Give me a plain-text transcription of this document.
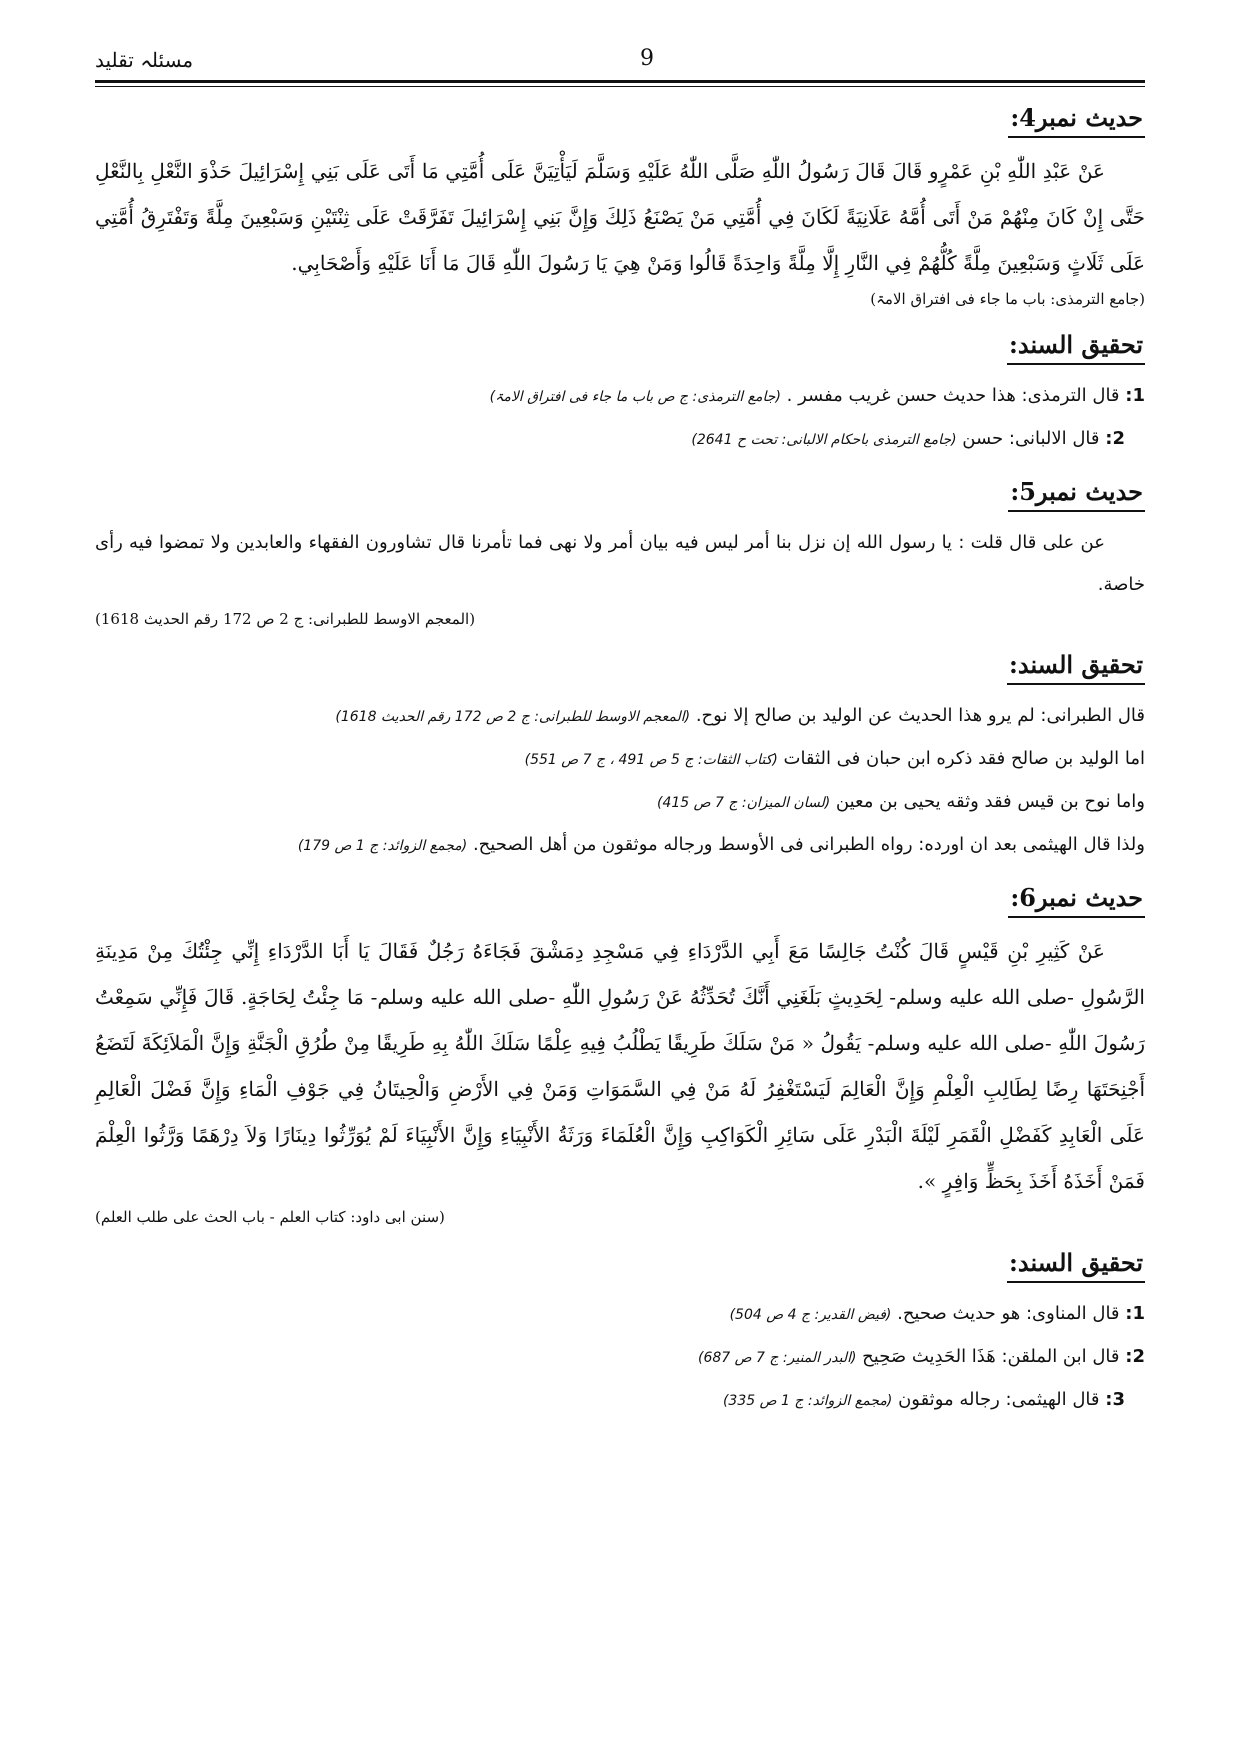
مسئلہ تقلید	9
حدیث نمبر4:

عَنْ عَبْدِ اللّٰهِ بْنِ عَمْرٍو قَالَ قَالَ رَسُولُ اللّٰهِ صَلَّى اللّٰهُ عَلَيْهِ وَسَلَّمَ لَيَأْتِيَنَّ عَلَى أُمَّتِي مَا أَتَى عَلَى بَنِي إِسْرَائِيلَ حَذْوَ النَّعْلِ بِالنَّعْلِ حَتَّى إِنْ كَانَ مِنْهُمْ مَنْ أَتَى أُمَّهُ عَلَانِيَةً لَكَانَ فِي أُمَّتِي مَنْ يَصْنَعُ ذَلِكَ وَإِنَّ بَنِي إِسْرَائِيلَ تَفَرَّقَتْ عَلَى ثِنْتَيْنِ وَسَبْعِينَ مِلَّةً وَتَفْتَرِقُ أُمَّتِي عَلَى ثَلَاثٍ وَسَبْعِينَ مِلَّةً كُلُّهُمْ فِي النَّارِ إِلَّا مِلَّةً وَاحِدَةً قَالُوا وَمَنْ هِيَ يَا رَسُولَ اللّٰهِ قَالَ مَا أَنَا عَلَيْهِ وَأَصْحَابِي.

(جامع الترمذی: باب ما جاء فی افتراق الامۃ)
تحقیق السند:

1: قال الترمذی: هذا حدیث حسن غریب مفسر . (جامع الترمذی: ج ص باب ما جاء فی افتراق الامۃ)

2: قال الالبانی: حسن (جامع الترمذی باحکام الالبانی: تحت ح 2641)

حدیث نمبر5:

عن علی قال قلت : یا رسول الله إن نزل بنا أمر لیس فیه بیان أمر ولا نهی فما تأمرنا قال تشاورون الفقهاء والعابدین ولا تمضوا فیه رأی خاصة.

(المعجم الاوسط للطبرانی: ج 2 ص 172 رقم الحدیث 1618)
تحقیق السند:

قال الطبرانی: لم یرو هذا الحدیث عن الولید بن صالح إلا نوح. (المعجم الاوسط للطبرانی: ج 2 ص 172 رقم الحدیث 1618)

اما الولید بن صالح فقد ذکره ابن حبان فی الثقات (کتاب الثقات: ج 5 ص 491 ، ج 7 ص 551)

واما نوح بن قیس فقد وثقه یحیی بن معین (لسان المیزان: ج 7 ص 415)

ولذا قال الهیثمی بعد ان اورده: رواه الطبرانی فی الأوسط ورجاله موثقون من أهل الصحیح. (مجمع الزوائد: ج 1 ص 179)

حدیث نمبر6:

عَنْ كَثِيرِ بْنِ قَيْسٍ قَالَ كُنْتُ جَالِسًا مَعَ أَبِي الدَّرْدَاءِ فِي مَسْجِدِ دِمَشْقَ فَجَاءَهُ رَجُلٌ فَقَالَ يَا أَبَا الدَّرْدَاءِ إِنِّي جِئْتُكَ مِنْ مَدِينَةِ الرَّسُولِ -صلى الله عليه وسلم- لِحَدِيثٍ بَلَغَنِي أَنَّكَ تُحَدِّثُهُ عَنْ رَسُولِ اللّٰهِ -صلى الله عليه وسلم- مَا جِئْتُ لِحَاجَةٍ. قَالَ فَإِنِّي سَمِعْتُ رَسُولَ اللّٰهِ -صلى الله عليه وسلم- يَقُولُ « مَنْ سَلَكَ طَرِيقًا يَطْلُبُ فِيهِ عِلْمًا سَلَكَ اللّٰهُ بِهِ طَرِيقًا مِنْ طُرُقِ الْجَنَّةِ وَإِنَّ الْمَلاَئِكَةَ لَتَضَعُ أَجْنِحَتَهَا رِضًا لِطَالِبِ الْعِلْمِ وَإِنَّ الْعَالِمَ لَيَسْتَغْفِرُ لَهُ مَنْ فِي السَّمَوَاتِ وَمَنْ فِي الأَرْضِ وَالْحِيتَانُ فِي جَوْفِ الْمَاءِ وَإِنَّ فَضْلَ الْعَالِمِ عَلَى الْعَابِدِ كَفَضْلِ الْقَمَرِ لَيْلَةَ الْبَدْرِ عَلَى سَائِرِ الْكَوَاكِبِ وَإِنَّ الْعُلَمَاءَ وَرَثَةُ الأَنْبِيَاءِ وَإِنَّ الأَنْبِيَاءَ لَمْ يُوَرِّثُوا دِينَارًا وَلاَ دِرْهَمًا وَرَّثُوا الْعِلْمَ فَمَنْ أَخَذَهُ أَخَذَ بِحَظٍّ وَافِرٍ ».

(سنن ابی داود: کتاب العلم - باب الحث علی طلب العلم)
تحقیق السند:

1: قال المناوی: هو حدیث صحیح. (فیض القدیر: ج 4 ص 504)

2: قال ابن الملقن: هَذَا الحَدِيث صَحِيح (البدر المنیر: ج 7 ص 687)

3: قال الهیثمی: رجاله موثقون (مجمع الزوائد: ج 1 ص 335)
